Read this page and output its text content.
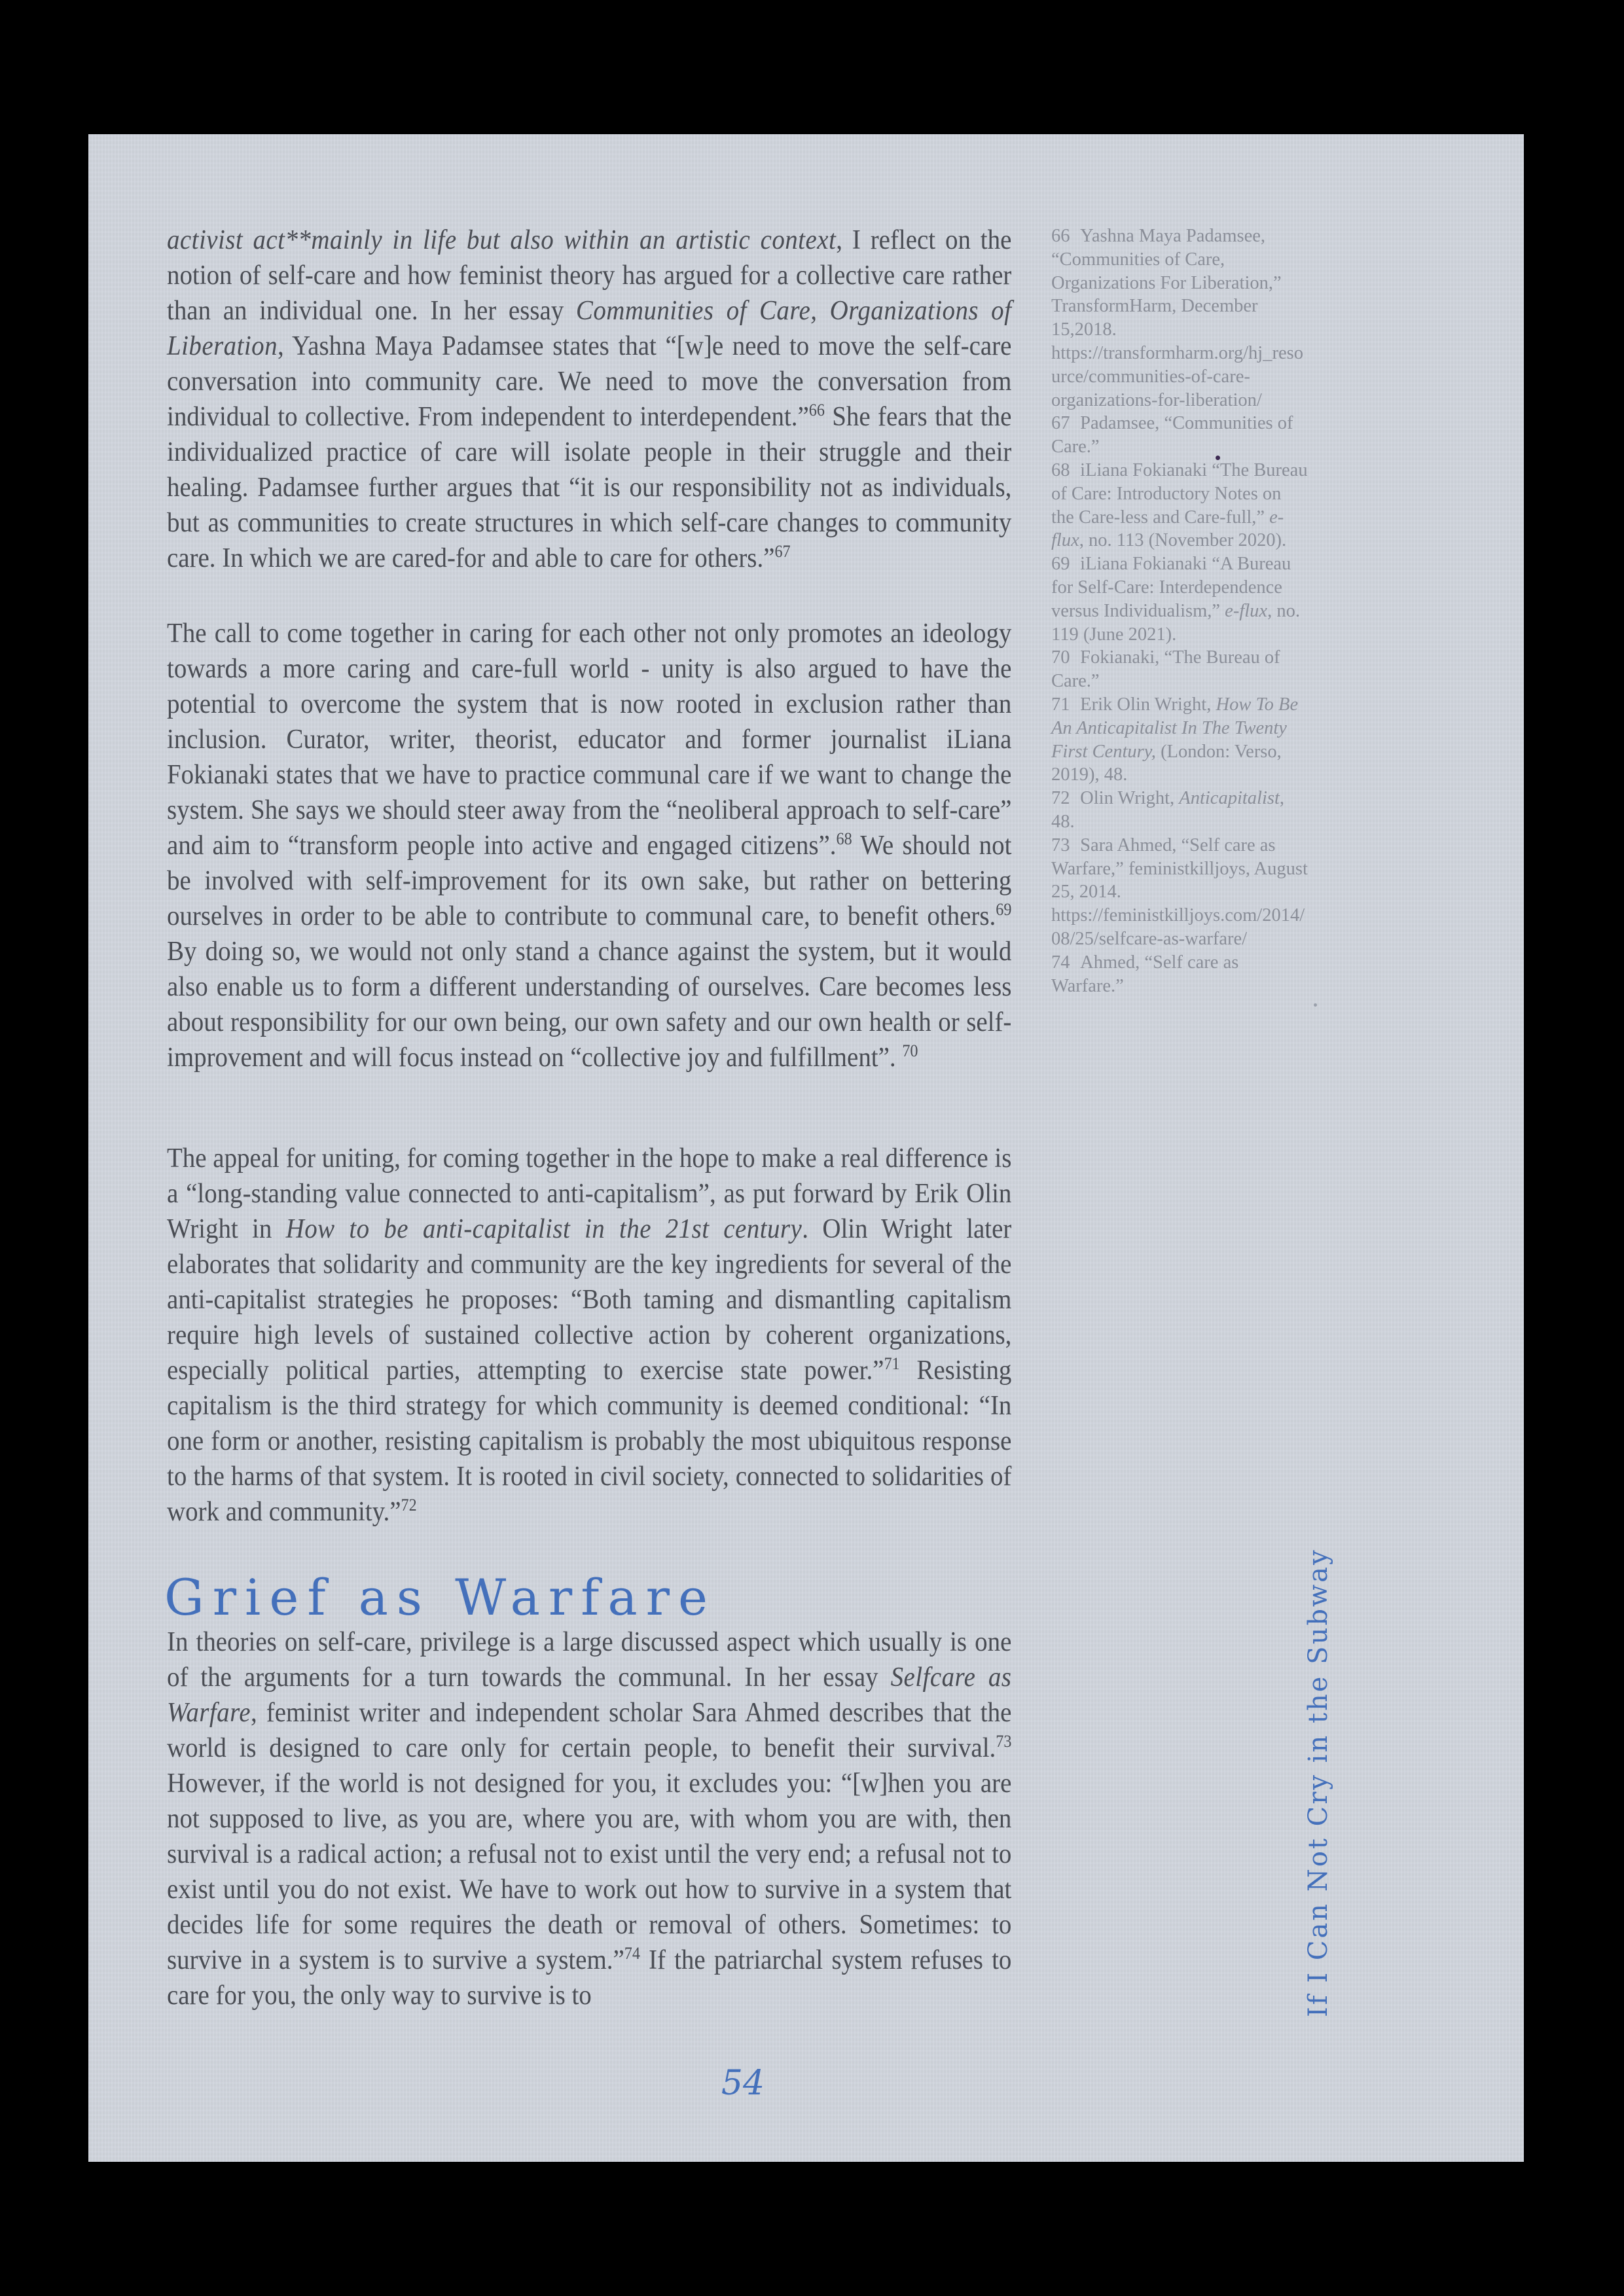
activist act**mainly in life but also within an artistic context, I reflect on the notion of self-care and how feminist theory has argued for a collective care rather than an individual one. In her essay Communities of Care, Organizations of Liberation, Yashna Maya Padamsee states that “[w]e need to move the self-care conversation into community care. We need to move the conversation from individual to collective. From independent to interdependent.”$^{66}$ She fears that the individualized practice of care will isolate people in their struggle and their healing. Padamsee further argues that “it is our responsibility not as individuals, but as communities to create structures in which self-care changes to community care. In which we are cared-for and able to care for others.”$^{67}$

The call to come together in caring for each other not only promotes an ideology towards a more caring and care-full world - unity is also argued to have the potential to overcome the system that is now rooted in exclusion rather than inclusion. Curator, writer, theorist, educator and former journalist iLiana Fokianaki states that we have to practice communal care if we want to change the system. She says we should steer away from the “neoliberal approach to self-care” and aim to “transform people into active and engaged citizens”.$^{68}$ We should not be involved with self-improvement for its own sake, but rather on bettering ourselves in order to be able to contribute to communal care, to benefit others.$^{69}$ By doing so, we would not only stand a chance against the system, but it would also enable us to form a different understanding of ourselves. Care becomes less about responsibility for our own being, our own safety and our own health or self-improvement and will focus instead on “collective joy and fulfillment”. $^{70}$

The appeal for uniting, for coming together in the hope to make a real difference is a “long-standing value connected to anti-capitalism”, as put forward by Erik Olin Wright in How to be anti-capitalist in the 21st century. Olin Wright later elaborates that solidarity and community are the key ingredients for several of the anti-capitalist strategies he proposes: “Both taming and dismantling capitalism require high levels of sustained collective action by coherent organizations, especially political parties, attempting to exercise state power.”$^{71}$ Resisting capitalism is the third strategy for which community is deemed conditional: “In one form or another, resisting capitalism is probably the most ubiquitous response to the harms of that system. It is rooted in civil society, connected to solidarities of work and community.”$^{72}$

Grief as Warfare

In theories on self-care, privilege is a large discussed aspect which usually is one of the arguments for a turn towards the communal. In her essay Selfcare as Warfare, feminist writer and independent scholar Sara Ahmed describes that the world is designed to care only for certain people, to benefit their survival.$^{73}$ However, if the world is not designed for you, it excludes you: “[w]hen you are not supposed to live, as you are, where you are, with whom you are with, then survival is a radical action; a refusal not to exist until the very end; a refusal not to exist until you do not exist. We have to work out how to survive in a system that decides life for some requires the death or removal of others. Sometimes: to survive in a system is to survive a system.”$^{74}$ If the patriarchal system refuses to care for you, the only way to survive is to

66 Yashna Maya Padamsee, “Communities of Care, Organizations For Liberation,” TransformHarm, December 15,2018. https://transformharm.org/hj_resource/communities-of-care-organizations-for-liberation/
67 Padamsee, “Communities of Care.”
68 iLiana Fokianaki “The Bureau of Care: Introductory Notes on the Care-less and Care-full,” e-flux, no. 113 (November 2020).
69 iLiana Fokianaki “A Bureau for Self-Care: Interdependence versus Individualism,” e-flux, no. 119 (June 2021).
70 Fokianaki, “The Bureau of Care.”
71 Erik Olin Wright, How To Be An Anticapitalist In The Twenty First Century, (London: Verso, 2019), 48.
72 Olin Wright, Anticapitalist, 48.
73 Sara Ahmed, “Self care as Warfare,” feministkilljoys, August 25, 2014. https://feministkilljoys.com/2014/08/25/selfcare-as-warfare/
74 Ahmed, “Self care as Warfare.”
If I Can Not Cry in the Subway
54
